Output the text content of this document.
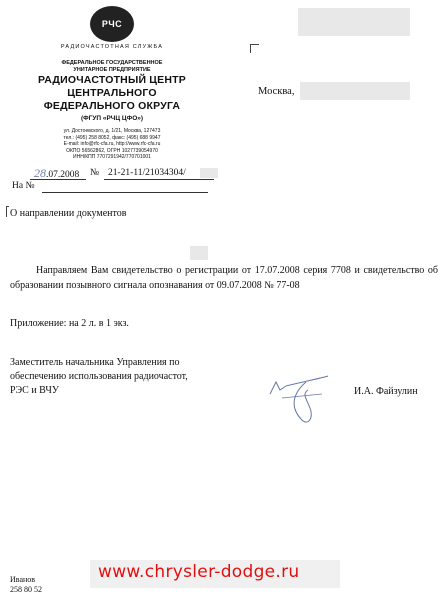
РЧС
РАДИОЧАСТОТНАЯ СЛУЖБА
ФЕДЕРАЛЬНОЕ ГОСУДАРСТВЕННОЕ
УНИТАРНОЕ ПРЕДПРИЯТИЕ
РАДИОЧАСТОТНЫЙ ЦЕНТР
ЦЕНТРАЛЬНОГО
ФЕДЕРАЛЬНОГО ОКРУГА
(ФГУП «РЧЦ ЦФО»)
ул. Достоевского, д. 1/21, Москва, 127473
тел.: (495) 258 8052, факс: (495) 688 9947
E-mail: info@rfc-cfa.ru, http://www.rfc-cfa.ru
ОКПО 56562862, ОГРН 1027739054970
ИНН/КПП 7707291942/770701001
28.07.2008 № 21-21-11/21034304/
На №
Москва,
О направлении документов
Направляем Вам свидетельство о регистрации от 17.07.2008 серия 7708 и свидетельство об образовании позывного сигнала опознавания от 09.07.2008 № 77-08
Приложение: на 2 л. в 1 экз.
Заместитель начальника Управления по
обеспечению использования радиочастот,
РЭС и ВЧУ	И.А. Файзулин
Иванов
258 80 52
www.chrysler-dodge.ru
